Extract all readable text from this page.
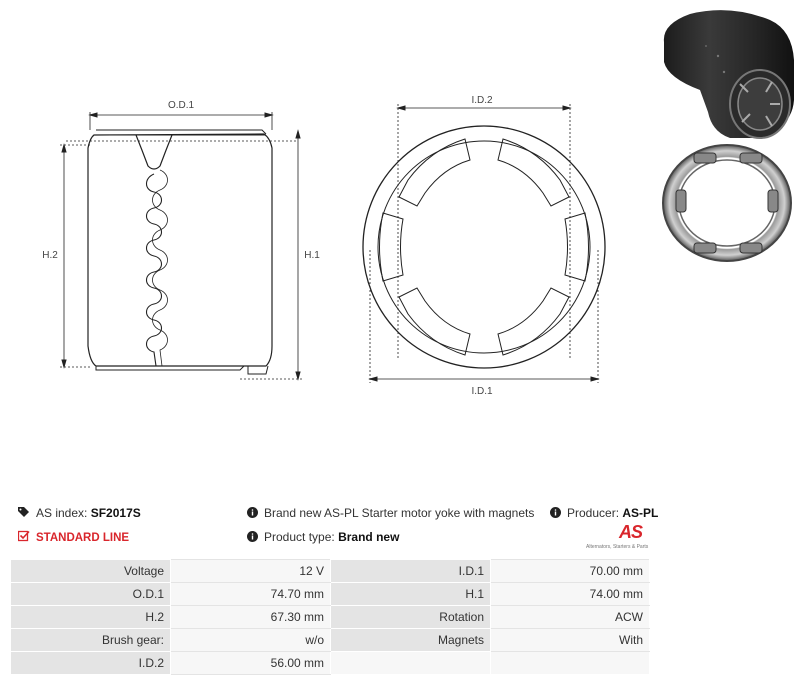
O.D.1
H.2	H.1
I.D.2
I.D.1
AS index: SF2017S
STANDARD LINE
Brand new AS-PL Starter motor yoke with magnets
Product type: Brand new
Producer: AS-PL
AS
Alternators, Starters & Parts
Voltage	12 V	I.D.1	70.00 mm
O.D.1	74.70 mm	H.1	74.00 mm
H.2	67.30 mm	Rotation	ACW
Brush gear:	w/o	Magnets	With
I.D.2	56.00 mm		
